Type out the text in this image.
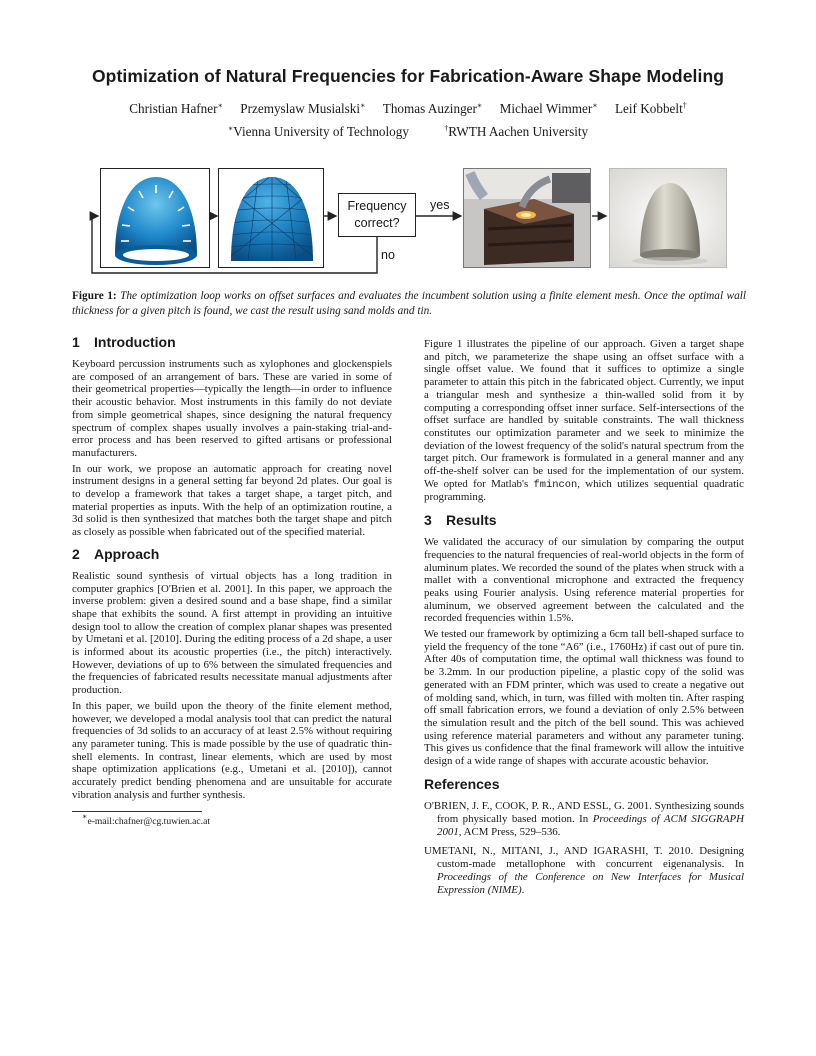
Optimization of Natural Frequencies for Fabrication-Aware Shape Modeling
Christian Hafner∗ Przemyslaw Musialski∗ Thomas Auzinger∗ Michael Wimmer∗ Leif Kobbelt†
∗Vienna University of Technology	†RWTH Aachen University
Frequency
correct?
yes
no
Figure 1: The optimization loop works on offset surfaces and evaluates the incumbent solution using a finite element mesh. Once the optimal wall thickness for a given pitch is found, we cast the result using sand molds and tin.
1 Introduction

Keyboard percussion instruments such as xylophones and glockenspiels are composed of an arrangement of bars. These are varied in some of their geometrical properties—typically the length—in order to influence their acoustic behavior. Most instruments in this family do not deviate from simple geometrical shapes, since designing the natural frequency spectrum of complex shapes usually involves a pain-staking trial-and-error process and has been reserved to gifted artisans or professional manufacturers.

In our work, we propose an automatic approach for creating novel instrument designs in a general setting far beyond 2d plates. Our goal is to develop a framework that takes a target shape, a target pitch, and material properties as inputs. With the help of an optimization routine, a 3d solid is then synthesized that matches both the target shape and pitch as closely as possible when fabricated out of the specified material.

2 Approach

Realistic sound synthesis of virtual objects has a long tradition in computer graphics [O'Brien et al. 2001]. In this paper, we approach the inverse problem: given a desired sound and a base shape, find a similar shape that exhibits the sound. A first attempt in providing an intuitive design tool to allow the creation of complex planar shapes was presented by Umetani et al. [2010]. During the editing process of a 2d shape, a user is informed about its acoustic properties (i.e., the pitch) interactively. However, deviations of up to 6% between the simulated frequencies and the frequencies of fabricated results necessitate manual adjustments after production.

In this paper, we build upon the theory of the finite element method, however, we developed a modal analysis tool that can predict the natural frequencies of 3d solids to an accuracy of at least 2.5% without requiring any parameter tuning. This is made possible by the use of quadratic thin-shell elements. In contrast, linear elements, which are used by most shape optimization applications (e.g., Umetani et al. [2010]), cannot accurately predict bending phenomena and are unsuitable for accurate vibration analysis and further synthesis.

∗e-mail:chafner@cg.tuwien.ac.at

Figure 1 illustrates the pipeline of our approach. Given a target shape and pitch, we parameterize the shape using an offset surface with a single offset value. We found that it suffices to optimize a single parameter to attain this pitch in the fabricated object. Currently, we input a triangular mesh and synthesize a thin-walled solid from it by computing a corresponding offset inner surface. Self-intersections of the offset surface are handled by suitable constraints. The wall thickness constitutes our optimization parameter and we seek to minimize the deviation of the lowest frequency of the solid's natural spectrum from the target pitch. Our framework is formulated in a general manner and any off-the-shelf solver can be used for the implementation of our system. We opted for Matlab's fmincon, which utilizes sequential quadratic programming.

3 Results

We validated the accuracy of our simulation by comparing the output frequencies to the natural frequencies of real-world objects in the form of aluminum plates. We recorded the sound of the plates when struck with a mallet with a conventional microphone and extracted the frequency peaks using Fourier analysis. Using reference material properties for aluminum, we observed agreement between the calculated and the recorded frequencies within 1.5%.

We tested our framework by optimizing a 6cm tall bell-shaped surface to yield the frequency of the tone “A6” (i.e., 1760Hz) if cast out of pure tin. After 40s of computation time, the optimal wall thickness was found to be 3.2mm. In our production pipeline, a plastic copy of the solid was generated with an FDM printer, which was used to create a negative out of molding sand, which, in turn, was filled with molten tin. After rasping off small fabrication errors, we found a deviation of only 2.5% between the simulation result and the pitch of the bell sound. This was achieved using reference material parameters and without any parameter tuning. This gives us confidence that the final framework will allow the intuitive design of a wide range of shapes with accurate acoustic behavior.

References
O'BRIEN, J. F., COOK, P. R., AND ESSL, G. 2001. Synthesizing sounds from physically based motion. In Proceedings of ACM SIGGRAPH 2001, ACM Press, 529–536.
UMETANI, N., MITANI, J., AND IGARASHI, T. 2010. Designing custom-made metallophone with concurrent eigenanalysis. In Proceedings of the Conference on New Interfaces for Musical Expression (NIME).
